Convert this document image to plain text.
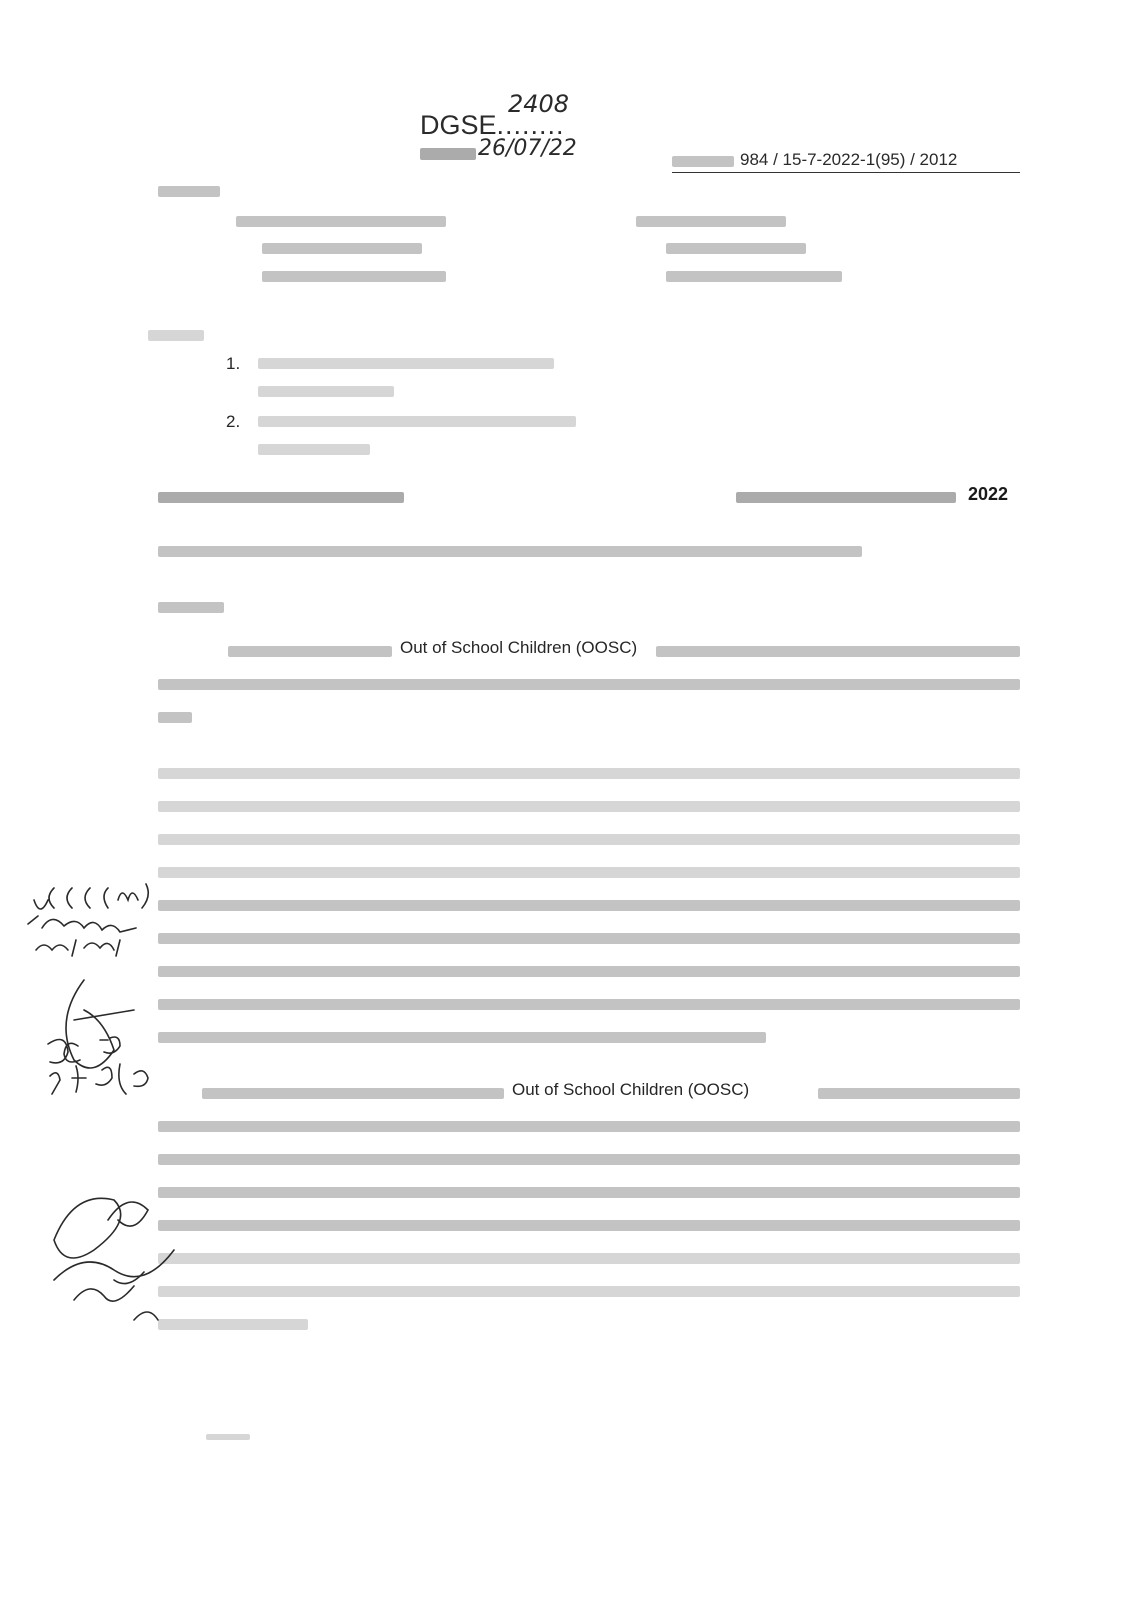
DGSE........
2408
26/07/22	984 / 15-7-2022-1(95) / 2012
1.
2.
2022
Out of School Children (OOSC)
Out of School Children (OOSC)
